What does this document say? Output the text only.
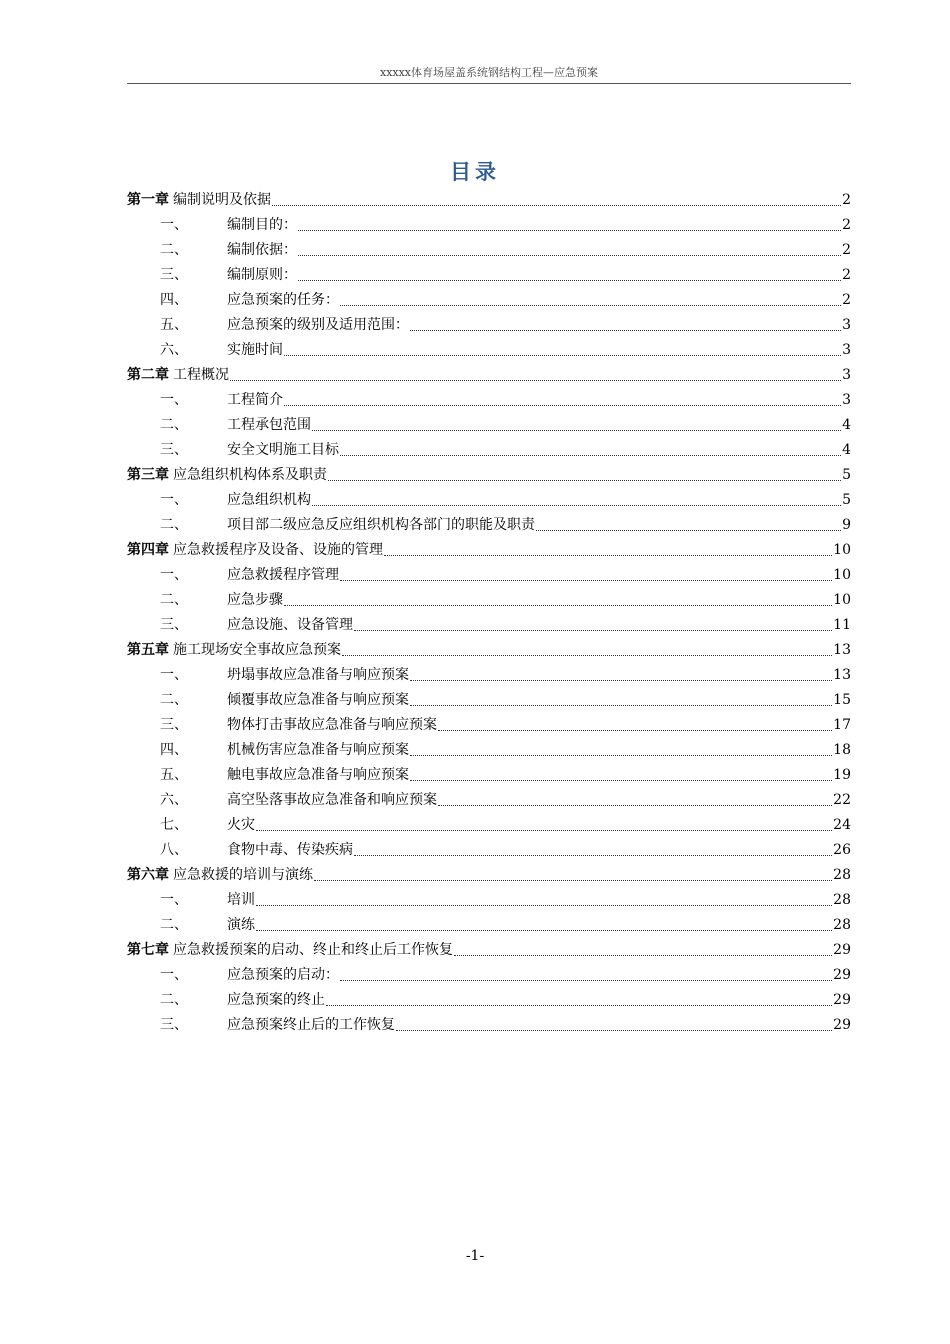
xxxxx体育场屋盖系统钢结构工程—应急预案
目录
第一章 编制说明及依据	2
一、	编制目的：	2
二、	编制依据：	2
三、	编制原则：	2
四、	应急预案的任务：	2
五、	应急预案的级别及适用范围：	3
六、	实施时间	3
第二章 工程概况	3
一、	工程简介	3
二、	工程承包范围	4
三、	安全文明施工目标	4
第三章 应急组织机构体系及职责	5
一、	应急组织机构	5
二、	项目部二级应急反应组织机构各部门的职能及职责	9
第四章 应急救援程序及设备、设施的管理	10
一、	应急救援程序管理	10
二、	应急步骤	10
三、	应急设施、设备管理	11
第五章 施工现场安全事故应急预案	13
一、	坍塌事故应急准备与响应预案	13
二、	倾覆事故应急准备与响应预案	15
三、	物体打击事故应急准备与响应预案	17
四、	机械伤害应急准备与响应预案	18
五、	触电事故应急准备与响应预案	19
六、	高空坠落事故应急准备和响应预案	22
七、	火灾	24
八、	食物中毒、传染疾病	26
第六章 应急救援的培训与演练	28
一、	培训	28
二、	演练	28
第七章 应急救援预案的启动、终止和终止后工作恢复	29
一、	应急预案的启动：	29
二、	应急预案的终止	29
三、	应急预案终止后的工作恢复	29
-1-
